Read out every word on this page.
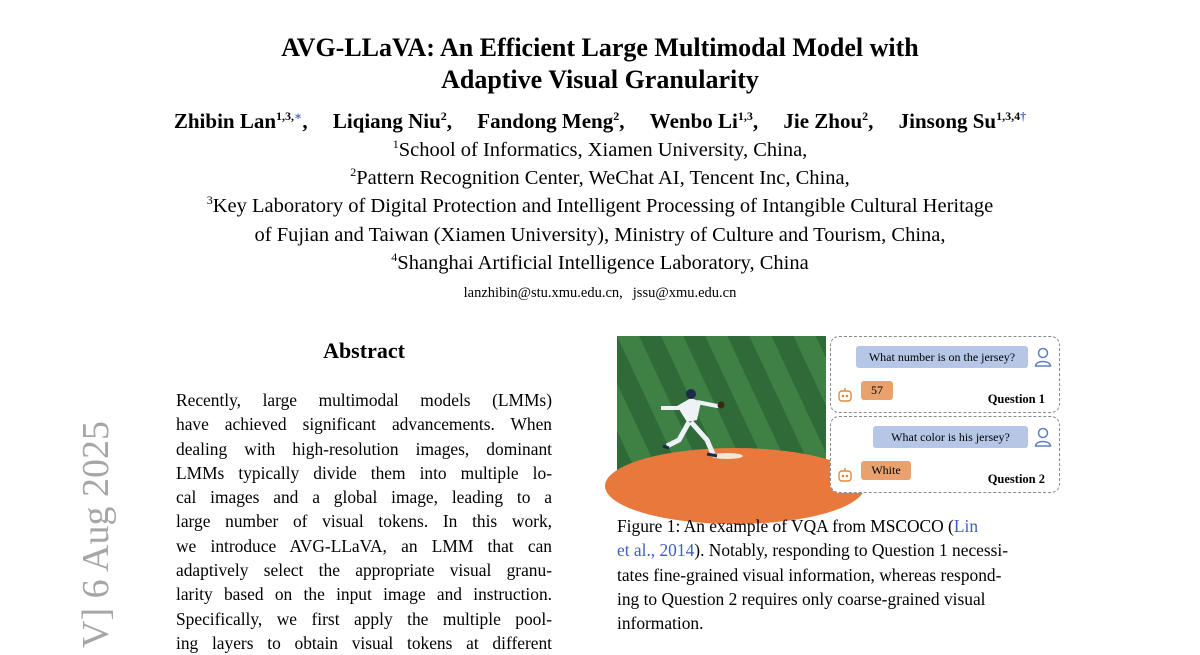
AVG-LLaVA: An Efficient Large Multimodal Model with
Adaptive Visual Granularity
Zhibin Lan$^{1,3,∗}$, Liqiang Niu$^2$, Fandong Meng$^2$, Wenbo Li$^{1,3}$, Jie Zhou$^2$, Jinsong $Su^{1,3,4\dagger}$
$^1$School of Informatics, Xiamen University, China,
$^2$Pattern Recognition Center, WeChat AI, Tencent Inc, China,
$^3$Key Laboratory of Digital Protection and Intelligent Processing of Intangible Cultural Heritage
of Fujian and Taiwan (Xiamen University), Ministry of Culture and Tourism, China,
$^4$Shanghai Artificial Intelligence Laboratory, China
lanzhibin@stu.xmu.edu.cn, jssu@xmu.edu.cn
V] 6 Aug 2025
Abstract
Recently, large multimodal models (LMMs)
have achieved significant advancements. When
dealing with high-resolution images, dominant
LMMs typically divide them into multiple lo-
cal images and a global image, leading to a
large number of visual tokens. In this work,
we introduce AVG-LLaVA, an LMM that can
adaptively select the appropriate visual granu-
larity based on the input image and instruction.
Specifically, we first apply the multiple pool-
ing layers to obtain visual tokens at different
What number is on the jersey?
57
Question 1
What color is his jersey?
White
Question 2
Figure 1: An example of VQA from MSCOCO (Lin
et al., 2014). Notably, responding to Question 1 necessi-
tates fine-grained visual information, whereas respond-
ing to Question 2 requires only coarse-grained visual
information.
